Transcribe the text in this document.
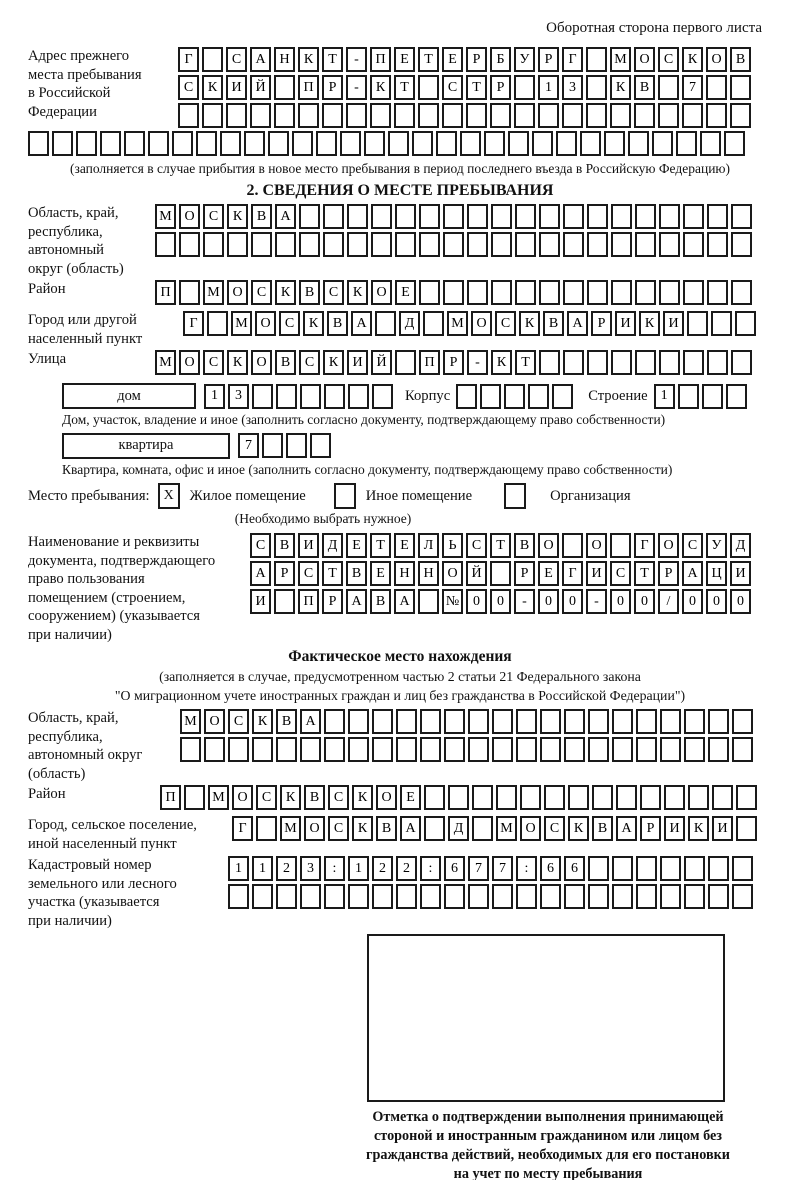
Оборотная сторона первого листа
Адрес прежнего
места пребывания
в Российской
Федерации
Г	С	А Н	К	Т	-	П	Е	Т	Е	Р	Б	У	Р	Г	М О	С	К	О	В
С	К	И Й	П	Р	-	К	Т	С	Т	Р	1	3	К	В	7
(заполняется в случае прибытия в новое место пребывания в период последнего въезда в Российскую Федерацию)
2. СВЕДЕНИЯ О МЕСТЕ ПРЕБЫВАНИЯ
Область, край,
республика,
автономный
округ (область)
М О	С	К	В	А
Район	П	М О	С	К	В	С	К	О	Е
Город или другой
населенный пункт
Г	М О	С	К	В	А	Д	М О	С	К	В	А	Р	И	К	И
Улица	М О	С	К	О	В	С	К	И Й	П	Р	-	К	Т
дом	1	3	Корпус	Строение 1
Дом, участок, владение и иное (заполнить согласно документу, подтверждающему право собственности)
квартира	7
Квартира, комната, офис и иное (заполнить согласно документу, подтверждающему право собственности)
Место пребывания: X	Жилое помещение	Иное помещение	Организация
(Необходимо выбрать нужное)
Наименование и реквизиты
документа, подтверждающего
право пользования
помещением (строением,
сооружением) (указывается
при наличии)
С	В	И	Д	Е	Т	Е	Л	Ь	С	Т	В	О	О	Г	О	С	У	Д
А	Р	С	Т	В	Е	Н Н О Й	Р	Е	Г	И	С	Т	Р	А Ц И
И	П	Р	А	В	А	№ 0	0	-	0	0	-	0	0	/	0	0	0
Фактическое место нахождения
(заполняется в случае, предусмотренном частью 2 статьи 21 Федерального закона
"О миграционном учете иностранных граждан и лиц без гражданства в Российской Федерации")
Область, край,
республика,
автономный округ
(область)
М О	С	К	В	А
Район	П	М О	С	К	В	С	К	О	Е
Город, сельское поселение,
иной населенный пункт
Г	М О	С	К	В	А	Д	М О	С	К	В	А	Р	И	К	И
Кадастровый номер
земельного или лесного
участка (указывается
при наличии)
1	1	2	3	:	1	2	2	:	6	7	7	:	6	6
Отметка о подтверждении выполнения принимающей
стороной и иностранным гражданином или лицом без
гражданства действий, необходимых для его постановки
на учет по месту пребывания
